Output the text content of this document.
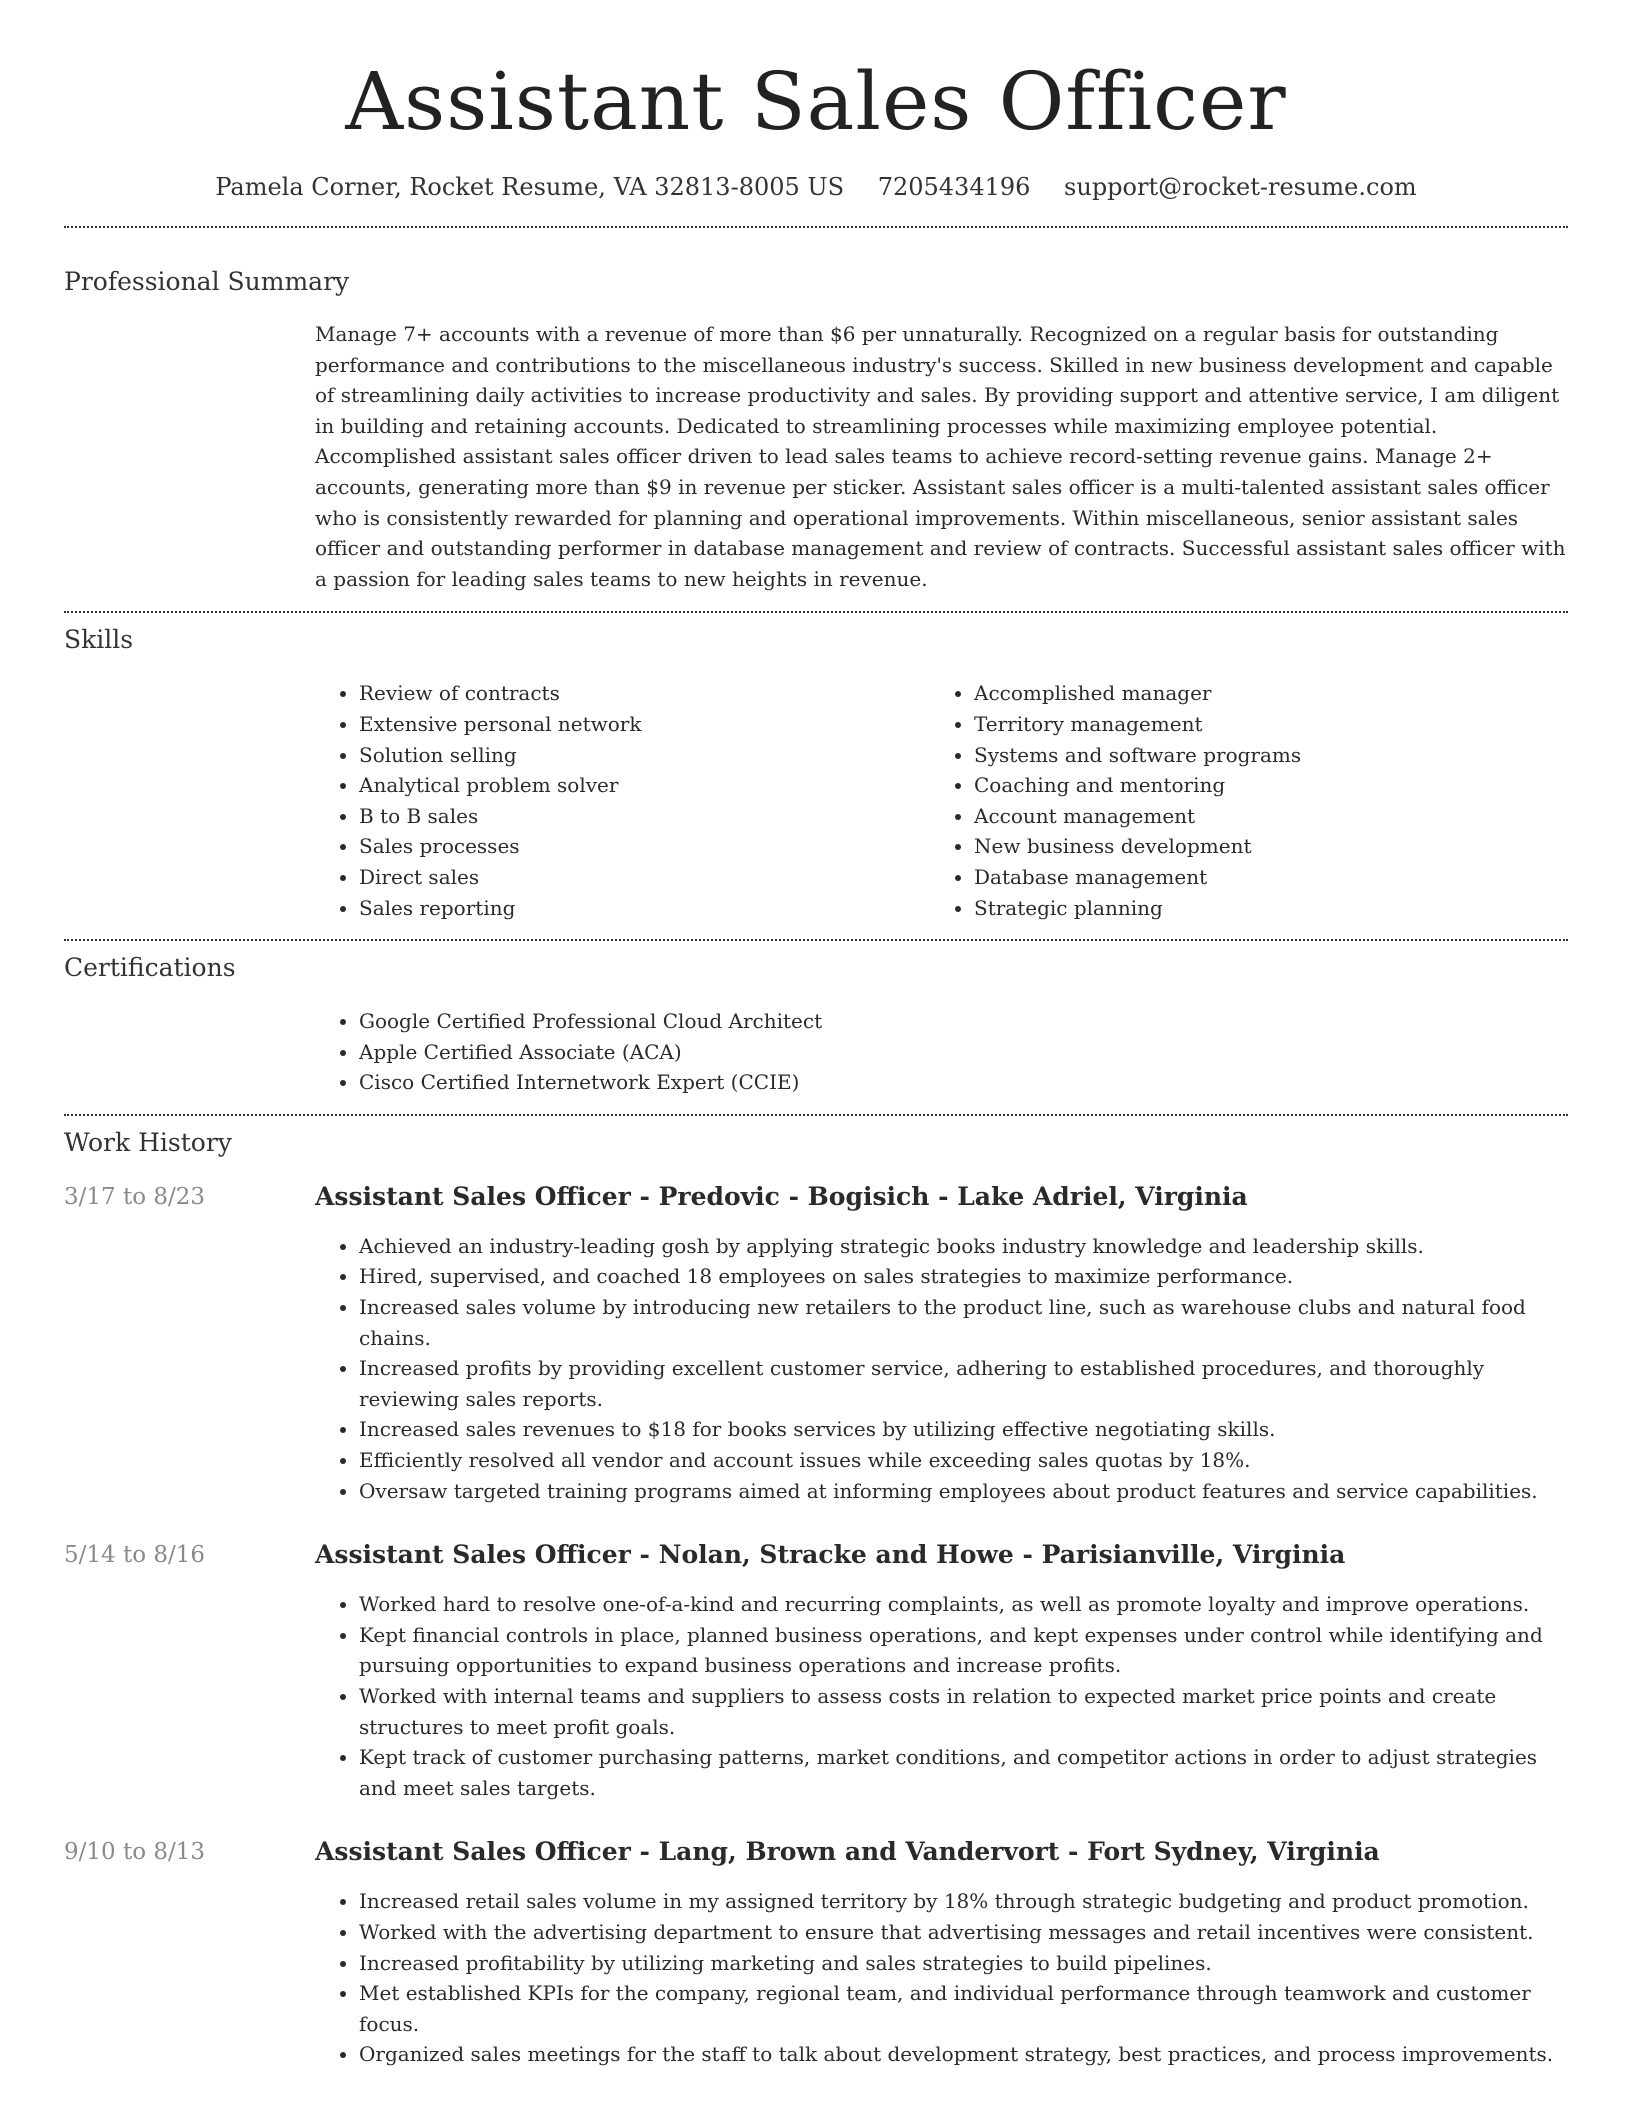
Assistant Sales Officer
Pamela Corner, Rocket Resume, VA 32813-8005 US 7205434196 support@rocket-resume.com
Professional Summary

Manage 7+ accounts with a revenue of more than $6 per unnaturally. Recognized on a regular basis for outstanding performance and contributions to the miscellaneous industry's success. Skilled in new business development and capable of streamlining daily activities to increase productivity and sales. By providing support and attentive service, I am diligent in building and retaining accounts. Dedicated to streamlining processes while maximizing employee potential. Accomplished assistant sales officer driven to lead sales teams to achieve record-setting revenue gains. Manage 2+ accounts, generating more than $9 in revenue per sticker. Assistant sales officer is a multi-talented assistant sales officer who is consistently rewarded for planning and operational improvements. Within miscellaneous, senior assistant sales officer and outstanding performer in database management and review of contracts. Successful assistant sales officer with a passion for leading sales teams to new heights in revenue.

Skills
• Review of contracts
• Extensive personal network
• Solution selling
• Analytical problem solver
• B to B sales
• Sales processes
• Direct sales
• Sales reporting
• Accomplished manager
• Territory management
• Systems and software programs
• Coaching and mentoring
• Account management
• New business development
• Database management
• Strategic planning
Certifications
• Google Certified Professional Cloud Architect
• Apple Certified Associate (ACA)
• Cisco Certified Internetwork Expert (CCIE)
Work History
3/17 to 8/23	Assistant Sales Officer - Predovic - Bogisich - Lake Adriel, Virginia
• Achieved an industry-leading gosh by applying strategic books industry knowledge and leadership skills.
• Hired, supervised, and coached 18 employees on sales strategies to maximize performance.
• Increased sales volume by introducing new retailers to the product line, such as warehouse clubs and natural food chains.
• Increased profits by providing excellent customer service, adhering to established procedures, and thoroughly reviewing sales reports.
• Increased sales revenues to $18 for books services by utilizing effective negotiating skills.
• Efficiently resolved all vendor and account issues while exceeding sales quotas by 18%.
• Oversaw targeted training programs aimed at informing employees about product features and service capabilities.
5/14 to 8/16	Assistant Sales Officer - Nolan, Stracke and Howe - Parisianville, Virginia
• Worked hard to resolve one-of-a-kind and recurring complaints, as well as promote loyalty and improve operations.
• Kept financial controls in place, planned business operations, and kept expenses under control while identifying and pursuing opportunities to expand business operations and increase profits.
• Worked with internal teams and suppliers to assess costs in relation to expected market price points and create structures to meet profit goals.
• Kept track of customer purchasing patterns, market conditions, and competitor actions in order to adjust strategies and meet sales targets.
9/10 to 8/13	Assistant Sales Officer - Lang, Brown and Vandervort - Fort Sydney, Virginia
• Increased retail sales volume in my assigned territory by 18% through strategic budgeting and product promotion.
• Worked with the advertising department to ensure that advertising messages and retail incentives were consistent.
• Increased profitability by utilizing marketing and sales strategies to build pipelines.
• Met established KPIs for the company, regional team, and individual performance through teamwork and customer focus.
• Organized sales meetings for the staff to talk about development strategy, best practices, and process improvements.
